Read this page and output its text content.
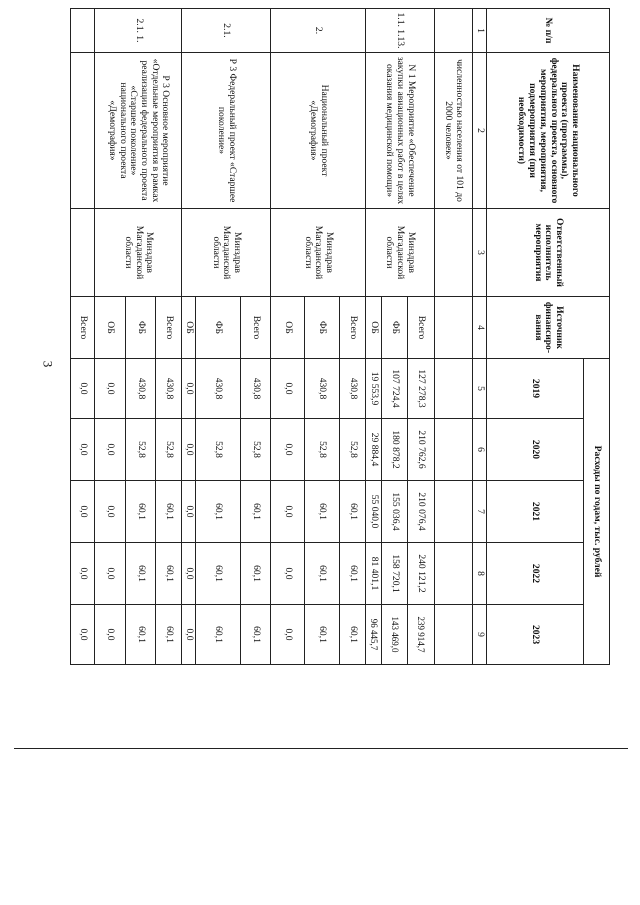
3
№ п/п	Наименование национального проекта (программы), федерального проекта, основного мероприятия, мероприятия, подмероприятия (при необходимости)	Ответственный исполнитель мероприятия	Источник финансиро-вания	Расходы по годам, тыс. рублей				
				2019	2020	2021	2022	2023
1	2	3	4	5	6	7	8	9
	численностью населения от 101 до 2000 человек»							
1.1. 1.13.	N 1 Мероприятие «Обеспечение закупки авиационных работ в целях оказания медицинской помощи»	Минздрав Магаданской области	Всего	127 278,3	210 762,6	210 076,4	240 121,2	239 914,7
			ФБ	107 724,4	180 878,2	155 036,4	158 720,1	143 469,0
			ОБ	19 553,9	29 884,4	55 040,0	81 401,1	96 445,7
2.	Национальный проект «Демография»	Минздрав Магаданской области	Всего	430,8	52,8	60,1	60,1	60,1
			ФБ	430,8	52,8	60,1	60,1	60,1
			ОБ	0,0	0,0	0,0	0,0	0,0
2.1.	Р 3 Федеральный проект «Старшее поколение»	Минздрав Магаданской области	Всего	430,8	52,8	60,1	60,1	60,1
			ФБ	430,8	52,8	60,1	60,1	60,1
			ОБ	0,0	0,0	0,0	0,0	0,0
2.1. 1.	Р 3 Основное мероприятие «Отдельные мероприятия в рамках реализации федерального проекта «Старшее поколение» национального проекта «Демография»	Минздрав Магаданской области	Всего	430,8	52,8	60,1	60,1	60,1
			ФБ	430,8	52,8	60,1	60,1	60,1
			ОБ	0,0	0,0	0,0	0,0	0,0
			Всего	0,0	0,0	0,0	0,0	0,0
